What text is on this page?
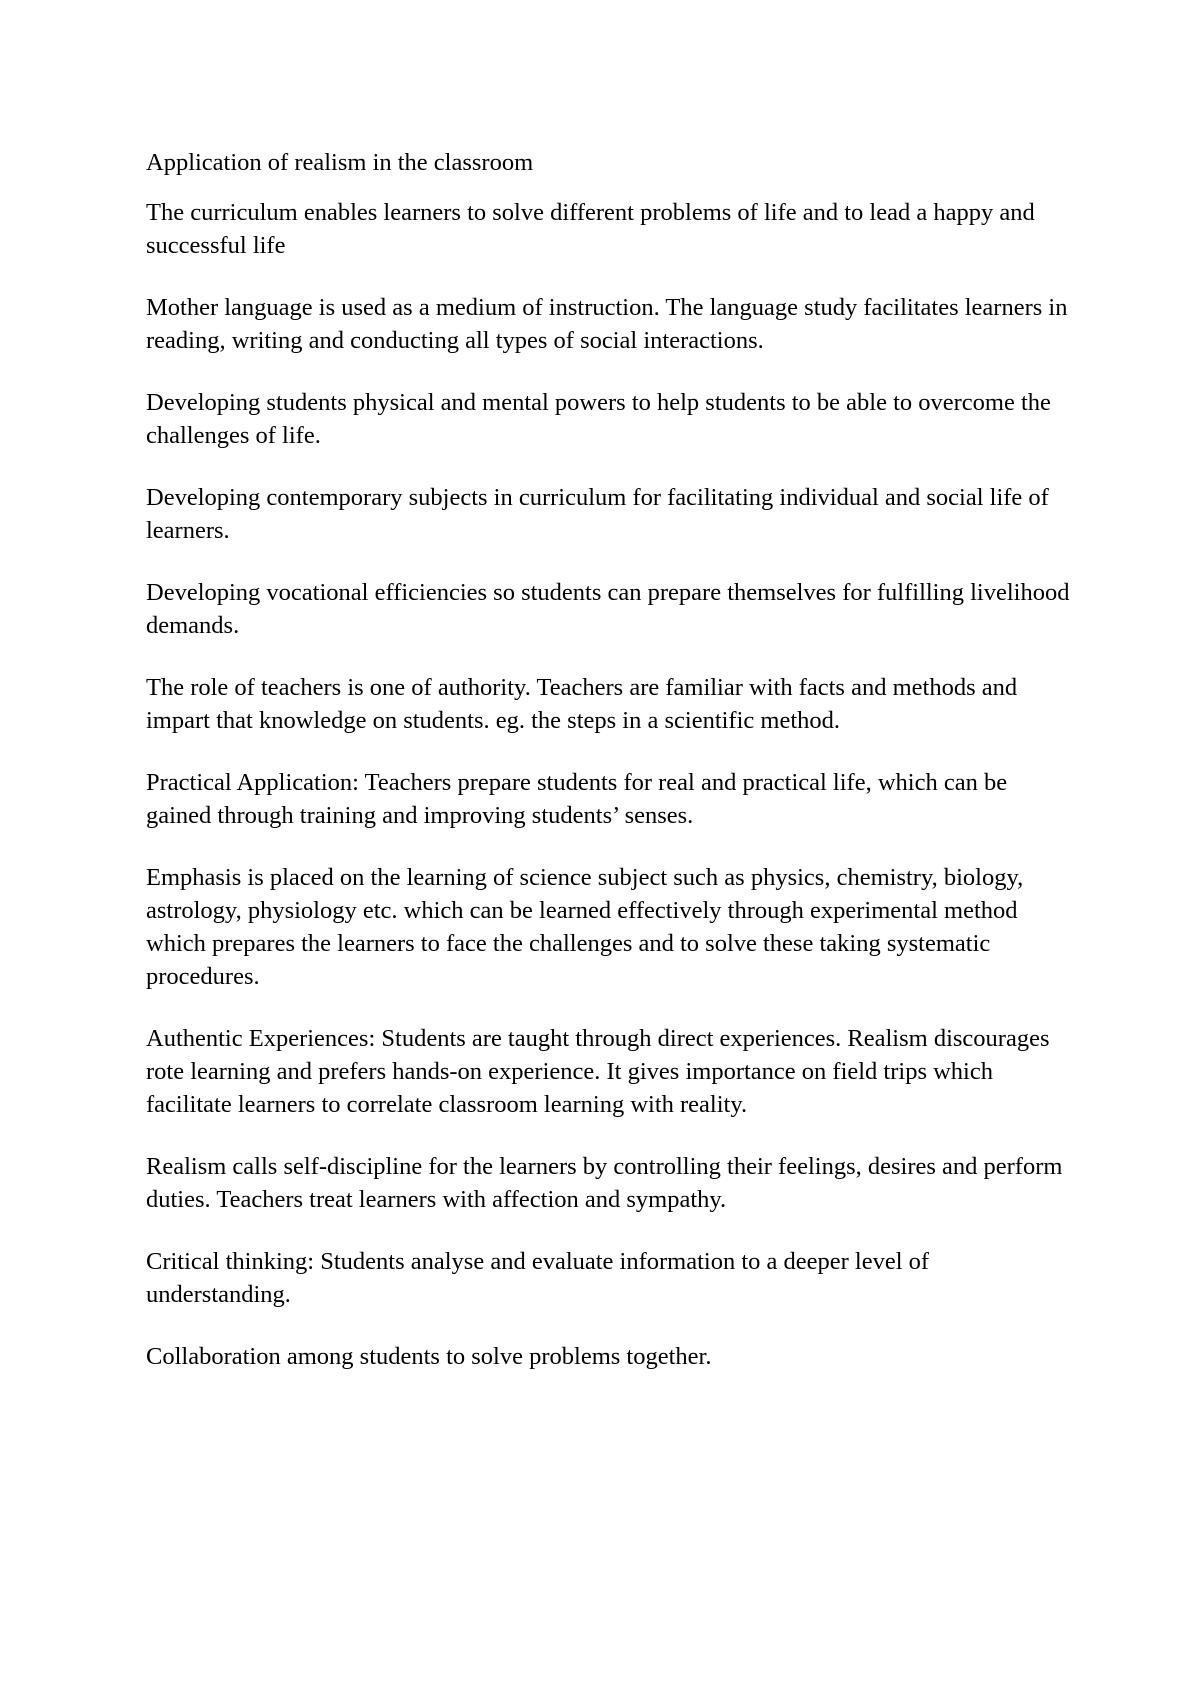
Application of realism in the classroom

The curriculum enables learners to solve different problems of life and to lead a happy and successful life

Mother language is used as a medium of instruction. The language study facilitates learners in reading, writing and conducting all types of social interactions.

Developing students physical and mental powers to help students to be able to overcome the challenges of life.

Developing contemporary subjects in curriculum for facilitating individual and social life of learners.

Developing vocational efficiencies so students can prepare themselves for fulfilling livelihood demands.

The role of teachers is one of authority. Teachers are familiar with facts and methods and impart that knowledge on students. eg. the steps in a scientific method.

Practical Application: Teachers prepare students for real and practical life, which can be gained through training and improving students’ senses.

Emphasis is placed on the learning of science subject such as physics, chemistry, biology, astrology, physiology etc. which can be learned effectively through experimental method which prepares the learners to face the challenges and to solve these taking systematic procedures.

Authentic Experiences: Students are taught through direct experiences. Realism discourages rote learning and prefers hands-on experience. It gives importance on field trips which facilitate learners to correlate classroom learning with reality.

Realism calls self-discipline for the learners by controlling their feelings, desires and perform duties. Teachers treat learners with affection and sympathy.

Critical thinking: Students analyse and evaluate information to a deeper level of understanding.

Collaboration among students to solve problems together.
